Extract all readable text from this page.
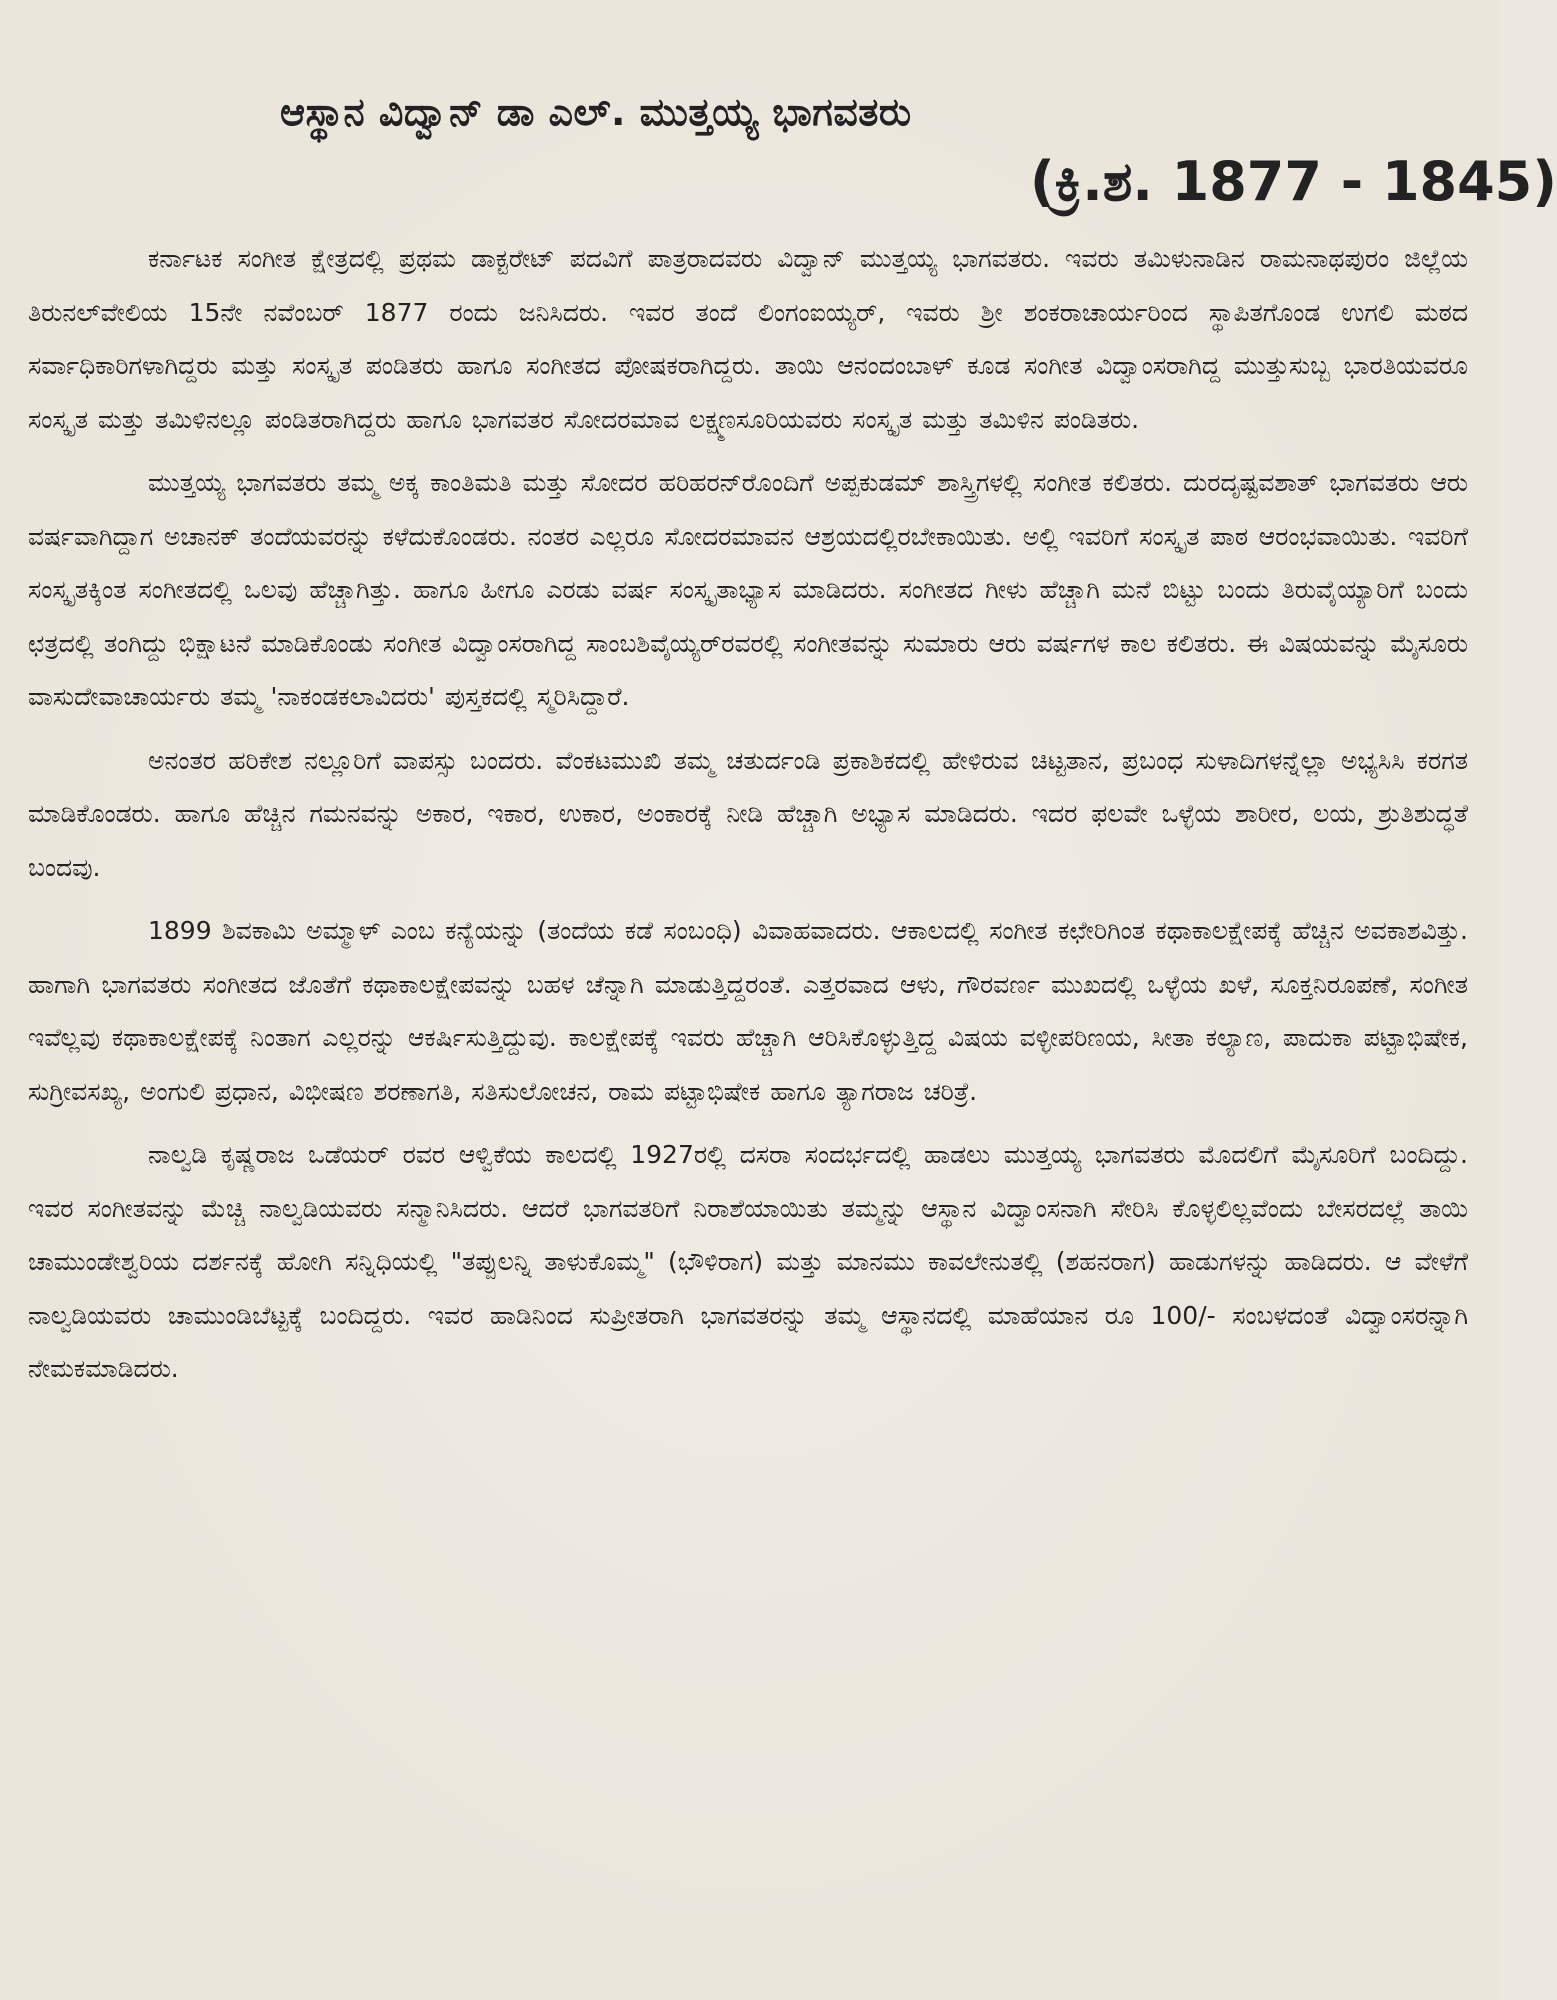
ಆಸ್ಥಾನ ವಿದ್ವಾನ್ ಡಾ ಎಲ್. ಮುತ್ತಯ್ಯ ಭಾಗವತರು
(ಕ್ರಿ.ಶ. 1877 - 1845)

ಕರ್ನಾಟಕ ಸಂಗೀತ ಕ್ಷೇತ್ರದಲ್ಲಿ ಪ್ರಥಮ ಡಾಕ್ಟರೇಟ್ ಪದವಿಗೆ ಪಾತ್ರರಾದವರು ವಿದ್ವಾನ್ ಮುತ್ತಯ್ಯ ಭಾಗವತರು. ಇವರು ತಮಿಳುನಾಡಿನ ರಾಮನಾಥಪುರಂ ಜಿಲ್ಲೆಯ ತಿರುನಲ್‌ವೇಲಿಯ 15ನೇ ನವೆಂಬರ್ 1877 ರಂದು ಜನಿಸಿದರು. ಇವರ ತಂದೆ ಲಿಂಗಂಐಯ್ಯರ್, ಇವರು ಶ್ರೀ ಶಂಕರಾಚಾರ್ಯರಿಂದ ಸ್ಥಾಪಿತಗೊಂಡ ಉಗಲಿ ಮಠದ ಸರ್ವಾಧಿಕಾರಿಗಳಾಗಿದ್ದರು ಮತ್ತು ಸಂಸ್ಕೃತ ಪಂಡಿತರು ಹಾಗೂ ಸಂಗೀತದ ಪೋಷಕರಾಗಿದ್ದರು. ತಾಯಿ ಆನಂದಂಬಾಳ್ ಕೂಡ ಸಂಗೀತ ವಿದ್ವಾಂಸರಾಗಿದ್ದ ಮುತ್ತುಸುಬ್ಬ ಭಾರತಿಯವರೂ ಸಂಸ್ಕೃತ ಮತ್ತು ತಮಿಳಿನಲ್ಲೂ ಪಂಡಿತರಾಗಿದ್ದರು ಹಾಗೂ ಭಾಗವತರ ಸೋದರಮಾವ ಲಕ್ಷ್ಮಣಸೂರಿಯವರು ಸಂಸ್ಕೃತ ಮತ್ತು ತಮಿಳಿನ ಪಂಡಿತರು.

ಮುತ್ತಯ್ಯ ಭಾಗವತರು ತಮ್ಮ ಅಕ್ಕ ಕಾಂತಿಮತಿ ಮತ್ತು ಸೋದರ ಹರಿಹರನ್‌ರೊಂದಿಗೆ ಅಪ್ಪಕುಡಮ್ ಶಾಸ್ತ್ರಿಗಳಲ್ಲಿ ಸಂಗೀತ ಕಲಿತರು. ದುರದೃಷ್ಟವಶಾತ್ ಭಾಗವತರು ಆರು ವರ್ಷವಾಗಿದ್ದಾಗ ಅಚಾನಕ್ ತಂದೆಯವರನ್ನು ಕಳೆದುಕೊಂಡರು. ನಂತರ ಎಲ್ಲರೂ ಸೋದರಮಾವನ ಆಶ್ರಯದಲ್ಲಿರಬೇಕಾಯಿತು. ಅಲ್ಲಿ ಇವರಿಗೆ ಸಂಸ್ಕೃತ ಪಾಠ ಆರಂಭವಾಯಿತು. ಇವರಿಗೆ ಸಂಸ್ಕೃತಕ್ಕಿಂತ ಸಂಗೀತದಲ್ಲಿ ಒಲವು ಹೆಚ್ಚಾಗಿತ್ತು. ಹಾಗೂ ಹೀಗೂ ಎರಡು ವರ್ಷ ಸಂಸ್ಕೃತಾಭ್ಯಾಸ ಮಾಡಿದರು. ಸಂಗೀತದ ಗೀಳು ಹೆಚ್ಚಾಗಿ ಮನೆ ಬಿಟ್ಟು ಬಂದು ತಿರುವೈಯ್ಯಾರಿಗೆ ಬಂದು ಛತ್ರದಲ್ಲಿ ತಂಗಿದ್ದು ಭಿಕ್ಷಾಟನೆ ಮಾಡಿಕೊಂಡು ಸಂಗೀತ ವಿದ್ವಾಂಸರಾಗಿದ್ದ ಸಾಂಬಶಿವೈಯ್ಯರ್‌ರವರಲ್ಲಿ ಸಂಗೀತವನ್ನು ಸುಮಾರು ಆರು ವರ್ಷಗಳ ಕಾಲ ಕಲಿತರು. ಈ ವಿಷಯವನ್ನು ಮೈಸೂರು ವಾಸುದೇವಾಚಾರ್ಯರು ತಮ್ಮ 'ನಾಕಂಡಕಲಾವಿದರು' ಪುಸ್ತಕದಲ್ಲಿ ಸ್ಮರಿಸಿದ್ದಾರೆ.

ಅನಂತರ ಹರಿಕೇಶ ನಲ್ಲೂರಿಗೆ ವಾಪಸ್ಸು ಬಂದರು. ವೆಂಕಟಮುಖಿ ತಮ್ಮ ಚತುರ್ದಂಡಿ ಪ್ರಕಾಶಿಕದಲ್ಲಿ ಹೇಳಿರುವ ಚಿಟ್ಟತಾನ, ಪ್ರಬಂಧ ಸುಳಾದಿಗಳನ್ನೆಲ್ಲಾ ಅಭ್ಯಸಿಸಿ ಕರಗತ ಮಾಡಿಕೊಂಡರು. ಹಾಗೂ ಹೆಚ್ಚಿನ ಗಮನವನ್ನು ಅಕಾರ, ಇಕಾರ, ಉಕಾರ, ಅಂಕಾರಕ್ಕೆ ನೀಡಿ ಹೆಚ್ಚಾಗಿ ಅಭ್ಯಾಸ ಮಾಡಿದರು. ಇದರ ಫಲವೇ ಒಳ್ಳೆಯ ಶಾರೀರ, ಲಯ, ಶ್ರುತಿಶುದ್ಧತೆ ಬಂದವು.

1899 ಶಿವಕಾಮಿ ಅಮ್ಮಾಳ್ ಎಂಬ ಕನ್ಯೆಯನ್ನು (ತಂದೆಯ ಕಡೆ ಸಂಬಂಧಿ) ವಿವಾಹವಾದರು. ಆಕಾಲದಲ್ಲಿ ಸಂಗೀತ ಕಛೇರಿಗಿಂತ ಕಥಾಕಾಲಕ್ಷೇಪಕ್ಕೆ ಹೆಚ್ಚಿನ ಅವಕಾಶವಿತ್ತು. ಹಾಗಾಗಿ ಭಾಗವತರು ಸಂಗೀತದ ಜೊತೆಗೆ ಕಥಾಕಾಲಕ್ಷೇಪವನ್ನು ಬಹಳ ಚೆನ್ನಾಗಿ ಮಾಡುತ್ತಿದ್ದರಂತೆ. ಎತ್ತರವಾದ ಆಳು, ಗೌರವರ್ಣ ಮುಖದಲ್ಲಿ ಒಳ್ಳೆಯ ಖಳೆ, ಸೂಕ್ತನಿರೂಪಣೆ, ಸಂಗೀತ ಇವೆಲ್ಲವು ಕಥಾಕಾಲಕ್ಷೇಪಕ್ಕೆ ನಿಂತಾಗ ಎಲ್ಲರನ್ನು ಆಕರ್ಷಿಸುತ್ತಿದ್ದುವು. ಕಾಲಕ್ಷೇಪಕ್ಕೆ ಇವರು ಹೆಚ್ಚಾಗಿ ಆರಿಸಿಕೊಳ್ಳುತ್ತಿದ್ದ ವಿಷಯ ವಳ್ಳೀಪರಿಣಯ, ಸೀತಾ ಕಲ್ಯಾಣ, ಪಾದುಕಾ ಪಟ್ಟಾಭಿಷೇಕ, ಸುಗ್ರೀವಸಖ್ಯ, ಅಂಗುಲಿ ಪ್ರಧಾನ, ವಿಭೀಷಣ ಶರಣಾಗತಿ, ಸತಿಸುಲೋಚನ, ರಾಮ ಪಟ್ಟಾಭಿಷೇಕ ಹಾಗೂ ತ್ಯಾಗರಾಜ ಚರಿತ್ರೆ.

ನಾಲ್ವಡಿ ಕೃಷ್ಣರಾಜ ಒಡೆಯರ್ ರವರ ಆಳ್ವಿಕೆಯ ಕಾಲದಲ್ಲಿ 1927ರಲ್ಲಿ ದಸರಾ ಸಂದರ್ಭದಲ್ಲಿ ಹಾಡಲು ಮುತ್ತಯ್ಯ ಭಾಗವತರು ಮೊದಲಿಗೆ ಮೈಸೂರಿಗೆ ಬಂದಿದ್ದು. ಇವರ ಸಂಗೀತವನ್ನು ಮೆಚ್ಚಿ ನಾಲ್ವಡಿಯವರು ಸನ್ಮಾನಿಸಿದರು. ಆದರೆ ಭಾಗವತರಿಗೆ ನಿರಾಶೆಯಾಯಿತು ತಮ್ಮನ್ನು ಆಸ್ಥಾನ ವಿದ್ವಾಂಸನಾಗಿ ಸೇರಿಸಿ ಕೊಳ್ಳಲಿಲ್ಲವೆಂದು ಬೇಸರದಲ್ಲೆ ತಾಯಿ ಚಾಮುಂಡೇಶ್ವರಿಯ ದರ್ಶನಕ್ಕೆ ಹೋಗಿ ಸನ್ನಿಧಿಯಲ್ಲಿ "ತಪ್ಪುಲನ್ನಿ ತಾಳುಕೊಮ್ಮ" (ಭೌಳಿರಾಗ) ಮತ್ತು ಮಾನಮು ಕಾವಲೇನುತಲ್ಲಿ (ಶಹನರಾಗ) ಹಾಡುಗಳನ್ನು ಹಾಡಿದರು. ಆ ವೇಳೆಗೆ ನಾಲ್ವಡಿಯವರು ಚಾಮುಂಡಿಬೆಟ್ಟಕ್ಕೆ ಬಂದಿದ್ದರು. ಇವರ ಹಾಡಿನಿಂದ ಸುಪ್ರೀತರಾಗಿ ಭಾಗವತರನ್ನು ತಮ್ಮ ಆಸ್ಥಾನದಲ್ಲಿ ಮಾಹೆಯಾನ ರೂ 100/- ಸಂಬಳದಂತೆ ವಿದ್ವಾಂಸರನ್ನಾಗಿ ನೇಮಕಮಾಡಿದರು.
